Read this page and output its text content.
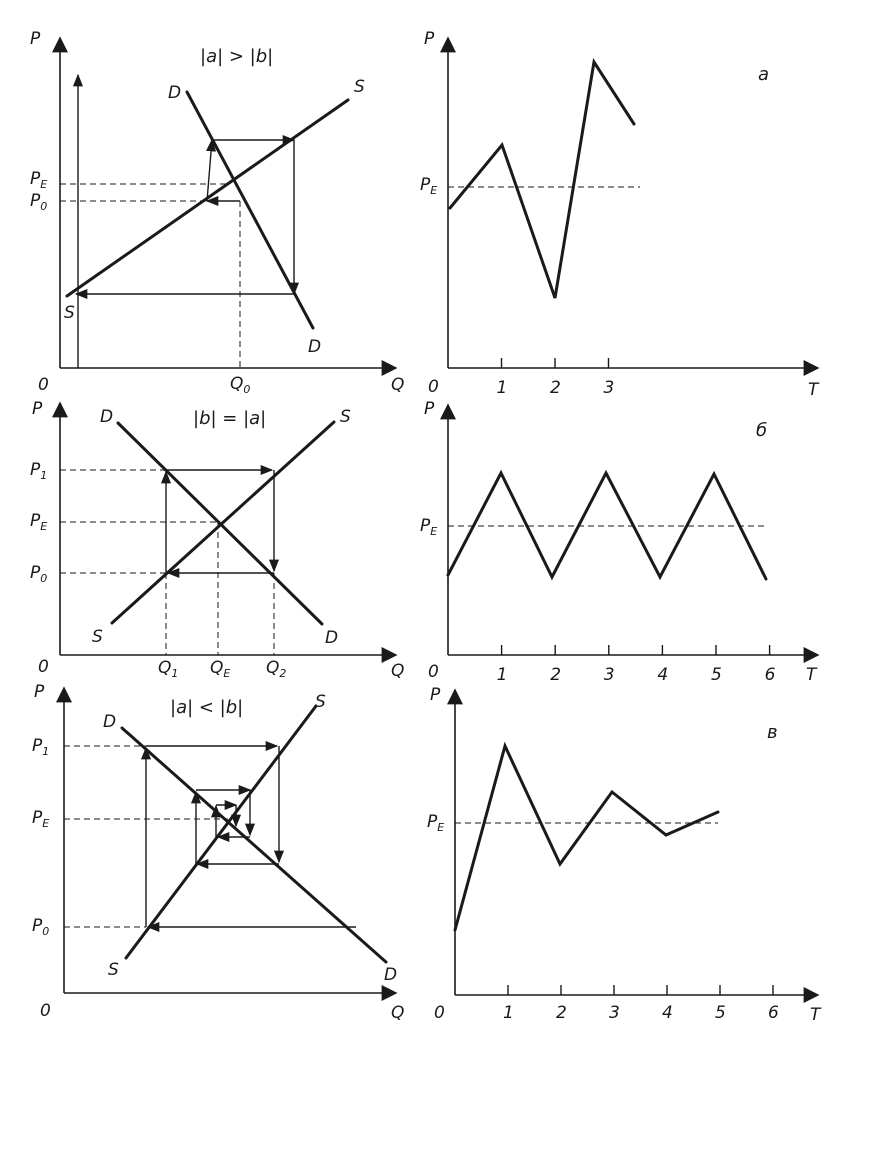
P
Q
0
|a| > |b|
D
D
S
S
$P_E$
$P_0$
$Q_0$
P
T
0
a
$P_E$
1	2	3
P
Q
0
|b| = |a|
D
D
S
S
$P_1$
$P_E$
$P_0$
$Q_1$ $Q_E$ $Q_2$
P
T
0
б
$P_E$
1	2	3	4	5	6
P
Q
0
|a| < |b|
D
D
S
S
$P_1$
$P_E$
$P_0$
P
T
0
в
$P_E$
1 2 3 4 5 6
